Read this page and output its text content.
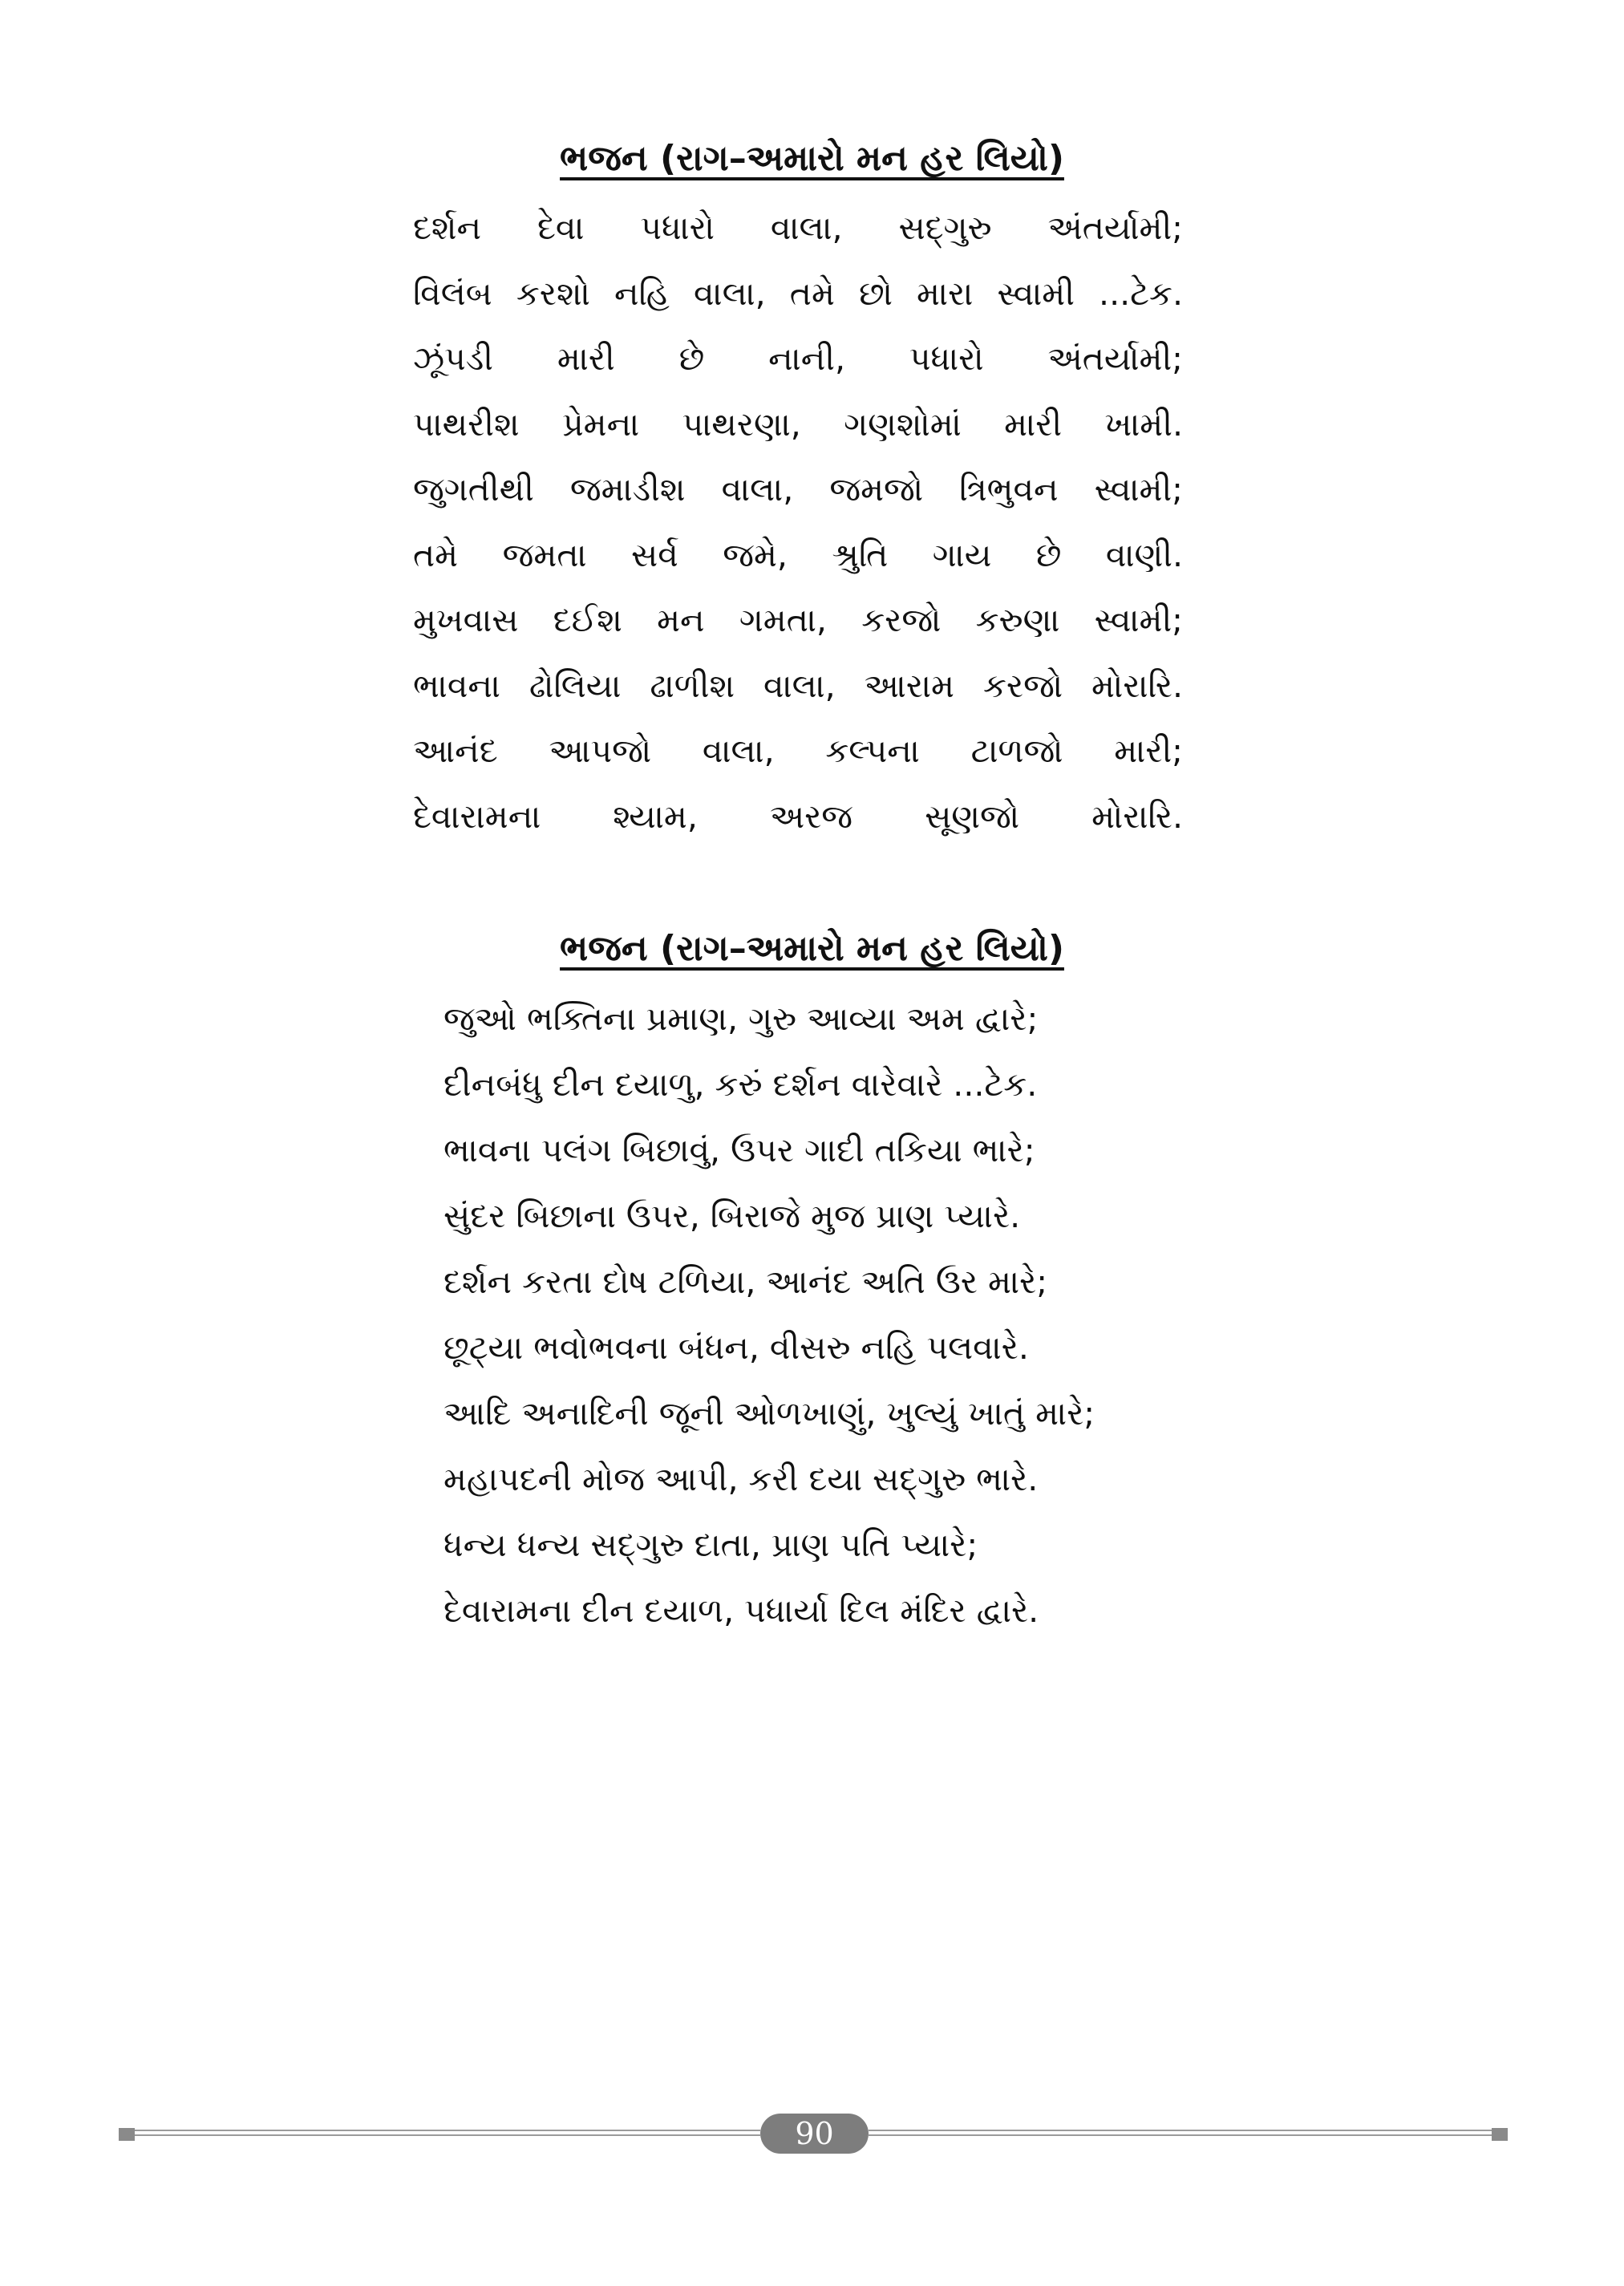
ભજન (રાગ–અમારો મન હર લિયો)
દર્શન દેવા પધારો વાલા, સદ્ગુરુ અંતર્યામી;
વિલંબ કરશો નહિ વાલા, તમે છો મારા સ્વામી ...ટેક.
ઝૂંપડી મારી છે નાની, પધારો અંતર્યામી;
પાથરીશ પ્રેમના પાથરણા, ગણશોમાં મારી ખામી.
જુગતીથી જમાડીશ વાલા, જમજો ત્રિભુવન સ્વામી;
તમે જમતા સર્વ જમે, શ્રુતિ ગાય છે વાણી.
મુખવાસ દઈશ મન ગમતા, કરજો કરુણા સ્વામી;
ભાવના ઢોલિયા ઢાળીશ વાલા, આરામ કરજો મોરારિ.
આનંદ આપજો વાલા, કલ્પના ટાળજો મારી;
દેવારામના શ્યામ, અરજ સૂણજો મોરારિ.
ભજન (રાગ–અમારો મન હર લિયો)
જુઓ ભક્તિના પ્રમાણ, ગુરુ આવ્યા અમ દ્વારે;
દીનબંધુ દીન દયાળુ, કરું દર્શન વારેવારે ...ટેક.
ભાવના પલંગ બિછાવું, ઉપર ગાદી તકિયા ભારે;
સુંદર બિછાના ઉપર, બિરાજે મુજ પ્રાણ પ્યારે.
દર્શન કરતા દોષ ટળિયા, આનંદ અતિ ઉર મારે;
છૂટ્યા ભવોભવના બંધન, વીસરુ નહિ પલવારે.
આદિ અનાદિની જૂની ઓળખાણું, ખુલ્યું ખાતું મારે;
મહાપદની મોજ આપી, કરી દયા સદ્ગુરુ ભારે.
ધન્ય ધન્ય સદ્ગુરુ દાતા, પ્રાણ પતિ પ્યારે;
દેવારામના દીન દયાળ, પધાર્યા દિલ મંદિર દ્વારે.
90
